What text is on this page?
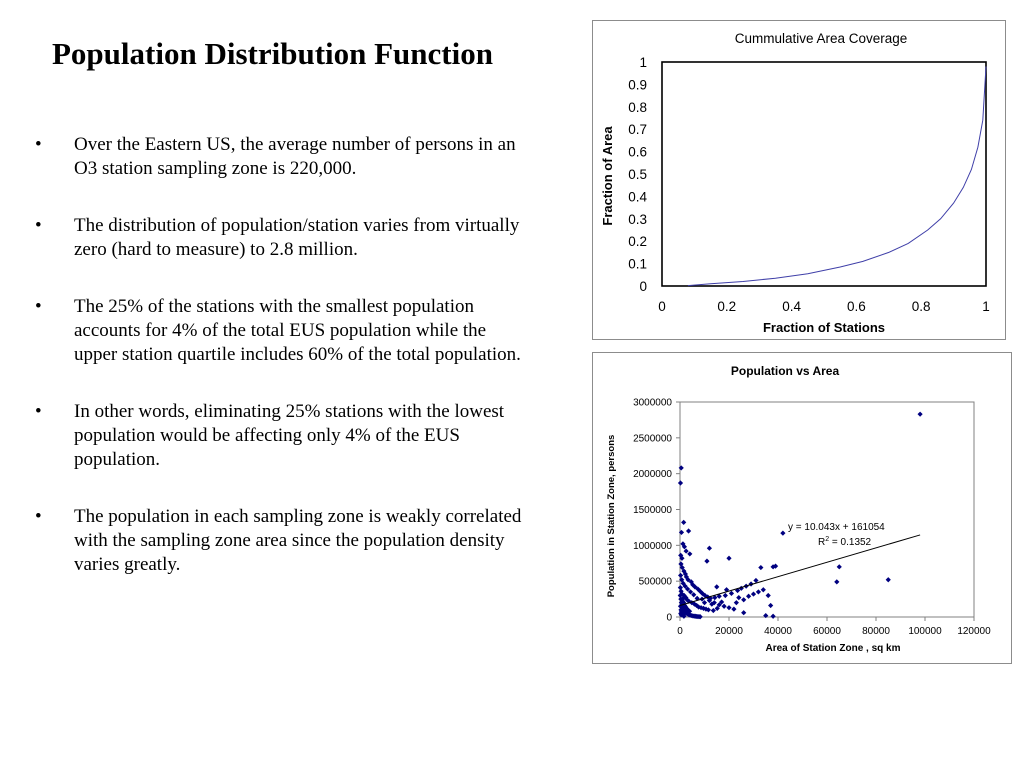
Population Distribution Function
• Over the Eastern US, the average number of persons in an O3 station sampling zone is 220,000.
• The distribution of population/station varies from virtually zero (hard to measure) to 2.8 million.
• The 25% of the stations with the smallest population accounts for 4% of the total EUS population while the upper station quartile includes 60% of the total population.
• In other words, eliminating 25% stations with the lowest population would be affecting only 4% of the EUS population.
• The population in each sampling zone is weakly correlated with the sampling zone area since the population density varies greatly.
Cummulative Area Coverage
0
0.1
0.2
0.3
0.4
0.5
0.6
0.7
0.8
0.9
1
0	0.2	0.4	0.6	0.8	1
Fraction of Stations
Fraction of Area
Population vs Area
0
500000
1000000
1500000
2000000
2500000
3000000
0	20000 40000 60000 80000 100000 120000
y = 10.043x + 161054
$R^2 = 0.1352$
Area of Station Zone , sq km
Population in Station Zone, persons
